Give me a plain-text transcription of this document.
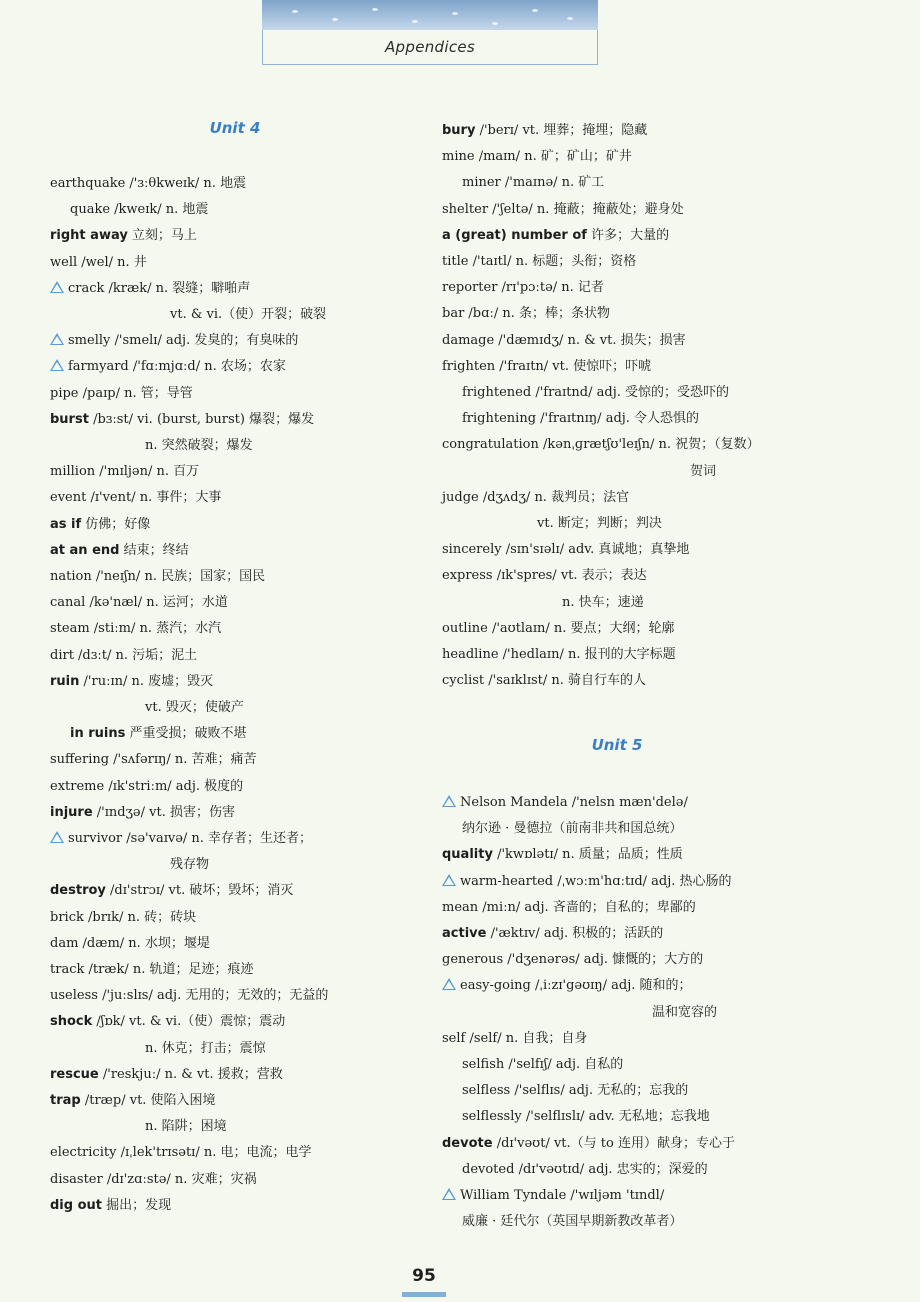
Appendices
Unit 4
earthquake /'ɜːθkweɪk/ n. 地震
quake /kweɪk/ n. 地震
right away 立刻；马上
well /wel/ n. 井
crack /kræk/ n. 裂缝；噼啪声
vt. & vi.（使）开裂；破裂
smelly /'smelɪ/ adj. 发臭的；有臭味的
farmyard /'fɑːmjɑːd/ n. 农场；农家
pipe /paɪp/ n. 管；导管
burst /bɜːst/ vi. (burst, burst) 爆裂；爆发
n. 突然破裂；爆发
million /'mɪljən/ n. 百万
event /ɪ'vent/ n. 事件；大事
as if 仿佛；好像
at an end 结束；终结
nation /'neɪʃn/ n. 民族；国家；国民
canal /kə'næl/ n. 运河；水道
steam /stiːm/ n. 蒸汽；水汽
dirt /dɜːt/ n. 污垢；泥土
ruin /'ruːɪn/ n. 废墟；毁灭
vt. 毁灭；使破产
in ruins 严重受损；破败不堪
suffering /'sʌfərɪŋ/ n. 苦难；痛苦
extreme /ɪk'striːm/ adj. 极度的
injure /'ɪndʒə/ vt. 损害；伤害
survivor /sə'vaɪvə/ n. 幸存者；生还者；
残存物
destroy /dɪ'strɔɪ/ vt. 破坏；毁坏；消灭
brick /brɪk/ n. 砖；砖块
dam /dæm/ n. 水坝；堰堤
track /træk/ n. 轨道；足迹；痕迹
useless /'juːslɪs/ adj. 无用的；无效的；无益的
shock /ʃɒk/ vt. & vi.（使）震惊；震动
n. 休克；打击；震惊
rescue /'reskjuː/ n. & vt. 援救；营救
trap /træp/ vt. 使陷入困境
n. 陷阱；困境
electricity /ɪˌlek'trɪsətɪ/ n. 电；电流；电学
disaster /dɪ'zɑːstə/ n. 灾难；灾祸
dig out 掘出；发现
Unit 5
bury /'berɪ/ vt. 埋葬；掩埋；隐藏
mine /maɪn/ n. 矿；矿山；矿井
miner /'maɪnə/ n. 矿工
shelter /'ʃeltə/ n. 掩蔽；掩蔽处；避身处
a (great) number of 许多；大量的
title /'taɪtl/ n. 标题；头衔；资格
reporter /rɪ'pɔːtə/ n. 记者
bar /bɑː/ n. 条；棒；条状物
damage /'dæmɪdʒ/ n. & vt. 损失；损害
frighten /'fraɪtn/ vt. 使惊吓；吓唬
frightened /'fraɪtnd/ adj. 受惊的；受恐吓的
frightening /'fraɪtnɪŋ/ adj. 令人恐惧的
congratulation /kənˌɡrætʃʊ'leɪʃn/ n. 祝贺；（复数）
贺词
judge /dʒʌdʒ/ n. 裁判员；法官
vt. 断定；判断；判决
sincerely /sɪn'sɪəlɪ/ adv. 真诚地；真挚地
express /ɪk'spres/ vt. 表示；表达
n. 快车；速递
outline /'aʊtlaɪn/ n. 要点；大纲；轮廓
headline /'hedlaɪn/ n. 报刊的大字标题
cyclist /'saɪklɪst/ n. 骑自行车的人
Nelson Mandela /'nelsn mæn'delə/
纳尔逊 · 曼德拉（前南非共和国总统）
quality /'kwɒlətɪ/ n. 质量；品质；性质
warm-hearted /ˌwɔːm'hɑːtɪd/ adj. 热心肠的
mean /miːn/ adj. 吝啬的；自私的；卑鄙的
active /'æktɪv/ adj. 积极的；活跃的
generous /'dʒenərəs/ adj. 慷慨的；大方的
easy-going /ˌiːzɪ'gəʊɪŋ/ adj. 随和的；
温和宽容的
self /self/ n. 自我；自身
selfish /'selfɪʃ/ adj. 自私的
selfless /'selflɪs/ adj. 无私的；忘我的
selflessly /'selflɪslɪ/ adv. 无私地；忘我地
devote /dɪ'vəʊt/ vt.（与 to 连用）献身；专心于
devoted /dɪ'vəʊtɪd/ adj. 忠实的；深爱的
William Tyndale /'wɪljəm 'tɪndl/
威廉 · 廷代尔（英国早期新教改革者）
95
